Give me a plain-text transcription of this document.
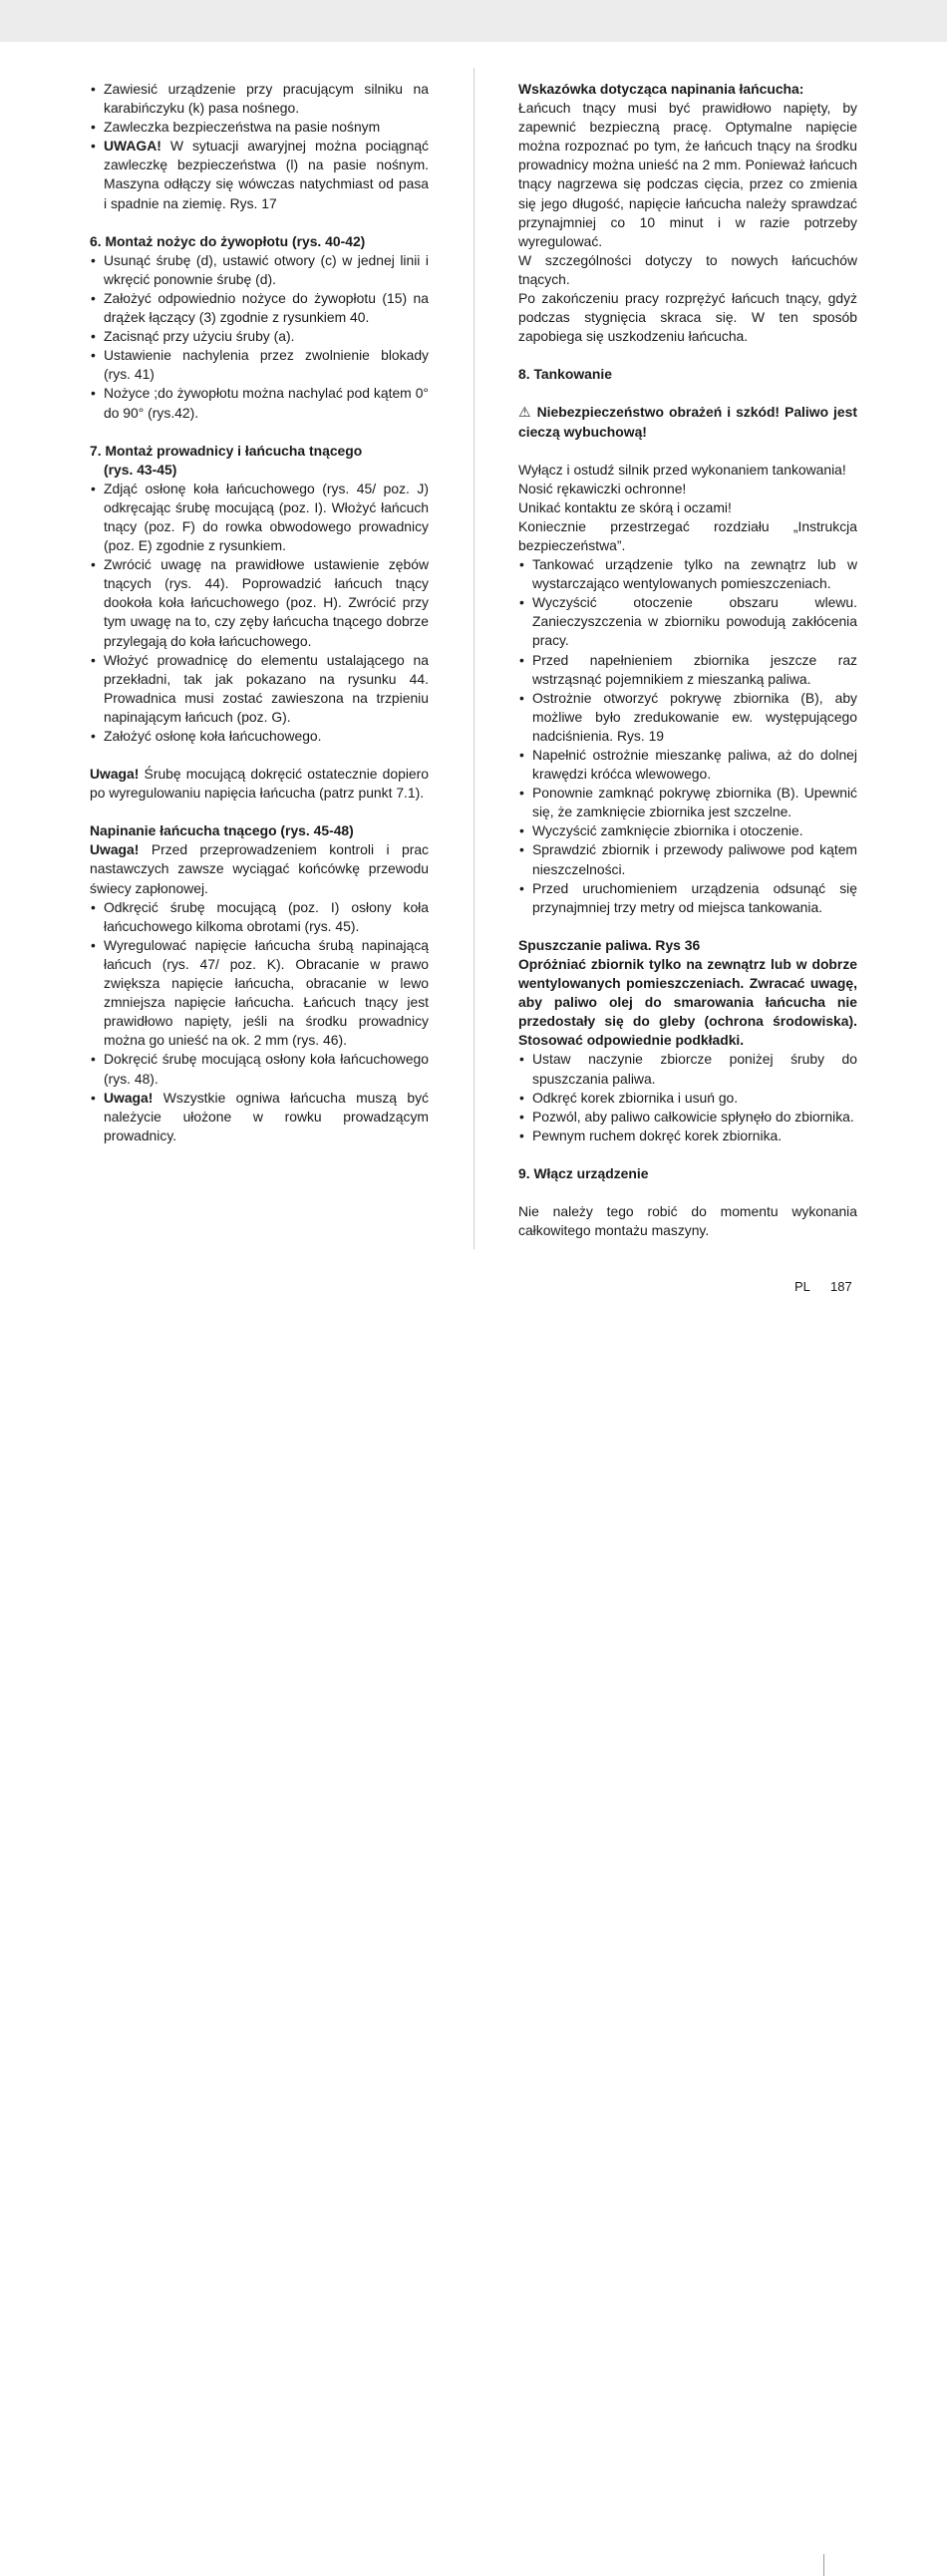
• Zawiesić urządzenie przy pracującym silniku na karabińczyku (k) pasa nośnego.
• Zawleczka bezpieczeństwa na pasie nośnym
• UWAGA! W sytuacji awaryjnej można pociągnąć zawleczkę bezpieczeństwa (l) na pasie nośnym. Maszyna odłączy się wówczas natychmiast od pasa i spadnie na ziemię. Rys. 17

6. Montaż nożyc do żywopłotu (rys. 40-42)

• Usunąć śrubę (d), ustawić otwory (c) w jednej linii i wkręcić ponownie śrubę (d).
• Założyć odpowiednio nożyce do żywopłotu (15) na drążek łączący (3) zgodnie z rysunkiem 40.
• Zacisnąć przy użyciu śruby (a).
• Ustawienie nachylenia przez zwolnienie blokady (rys. 41)
• Nożyce ;do żywopłotu można nachylać pod kątem 0° do 90° (rys.42).

7. Montaż prowadnicy i łańcucha tnącego

(rys. 43-45)

• Zdjąć osłonę koła łańcuchowego (rys. 45/ poz. J) odkręcając śrubę mocującą (poz. I). Włożyć łańcuch tnący (poz. F) do rowka obwodowego prowadnicy (poz. E) zgodnie z rysunkiem.
• Zwrócić uwagę na prawidłowe ustawienie zębów tnących (rys. 44). Poprowadzić łańcuch tnący dookoła koła łańcuchowego (poz. H). Zwrócić przy tym uwagę na to, czy zęby łańcucha tnącego dobrze przylegają do koła łańcuchowego.
• Włożyć prowadnicę do elementu ustalającego na przekładni, tak jak pokazano na rysunku 44. Prowadnica musi zostać zawieszona na trzpieniu napinającym łańcuch (poz. G).
• Założyć osłonę koła łańcuchowego.

Uwaga! Śrubę mocującą dokręcić ostatecznie dopiero po wyregulowaniu napięcia łańcucha (patrz punkt 7.1).

Napinanie łańcucha tnącego (rys. 45-48)

Uwaga! Przed przeprowadzeniem kontroli i prac nastawczych zawsze wyciągać końcówkę przewodu świecy zapłonowej.

• Odkręcić śrubę mocującą (poz. I) osłony koła łańcuchowego kilkoma obrotami (rys. 45).
• Wyregulować napięcie łańcucha śrubą napinającą łańcuch (rys. 47/ poz. K). Obracanie w prawo zwiększa napięcie łańcucha, obracanie w lewo zmniejsza napięcie łańcucha. Łańcuch tnący jest prawidłowo napięty, jeśli na środku prowadnicy można go unieść na ok. 2 mm (rys. 46).
• Dokręcić śrubę mocującą osłony koła łańcuchowego (rys. 48).
• Uwaga! Wszystkie ogniwa łańcucha muszą być należycie ułożone w rowku prowadzącym prowadnicy.

Wskazówka dotycząca napinania łańcucha:

Łańcuch tnący musi być prawidłowo napięty, by zapewnić bezpieczną pracę. Optymalne napięcie można rozpoznać po tym, że łańcuch tnący na środku prowadnicy można unieść na 2 mm. Ponieważ łańcuch tnący nagrzewa się podczas cięcia, przez co zmienia się jego długość, napięcie łańcucha należy sprawdzać przynajmniej co 10 minut i w razie potrzeby wyregulować.

W szczególności dotyczy to nowych łańcuchów tnących.

Po zakończeniu pracy rozprężyć łańcuch tnący, gdyż podczas stygnięcia skraca się. W ten sposób zapobiega się uszkodzeniu łańcucha.

8. Tankowanie

⚠ Niebezpieczeństwo obrażeń i szkód! Paliwo jest cieczą wybuchową!

Wyłącz i ostudź silnik przed wykonaniem tankowania!

Nosić rękawiczki ochronne!

Unikać kontaktu ze skórą i oczami!

Koniecznie przestrzegać rozdziału „Instrukcja bezpieczeństwa”.

• Tankować urządzenie tylko na zewnątrz lub w wystarczająco wentylowanych pomieszczeniach.
• Wyczyścić otoczenie obszaru wlewu. Zanieczyszczenia w zbiorniku powodują zakłócenia pracy.
• Przed napełnieniem zbiornika jeszcze raz wstrząsnąć pojemnikiem z mieszanką paliwa.
• Ostrożnie otworzyć pokrywę zbiornika (B), aby możliwe było zredukowanie ew. występującego nadciśnienia. Rys. 19
• Napełnić ostrożnie mieszankę paliwa, aż do dolnej krawędzi króćca wlewowego.
• Ponownie zamknąć pokrywę zbiornika (B). Upewnić się, że zamknięcie zbiornika jest szczelne.
• Wyczyścić zamknięcie zbiornika i otoczenie.
• Sprawdzić zbiornik i przewody paliwowe pod kątem nieszczelności.
• Przed uruchomieniem urządzenia odsunąć się przynajmniej trzy metry od miejsca tankowania.

Spuszczanie paliwa. Rys 36

Opróżniać zbiornik tylko na zewnątrz lub w dobrze wentylowanych pomieszczeniach. Zwracać uwagę, aby paliwo olej do smarowania łańcucha nie przedostały się do gleby (ochrona środowiska). Stosować odpowiednie podkładki.

• Ustaw naczynie zbiorcze poniżej śruby do spuszczania paliwa.
• Odkręć korek zbiornika i usuń go.
• Pozwól, aby paliwo całkowicie spłynęło do zbiornika.
• Pewnym ruchem dokręć korek zbiornika.

9. Włącz urządzenie

Nie należy tego robić do momentu wykonania całkowitego montażu maszyny.

PL	187
